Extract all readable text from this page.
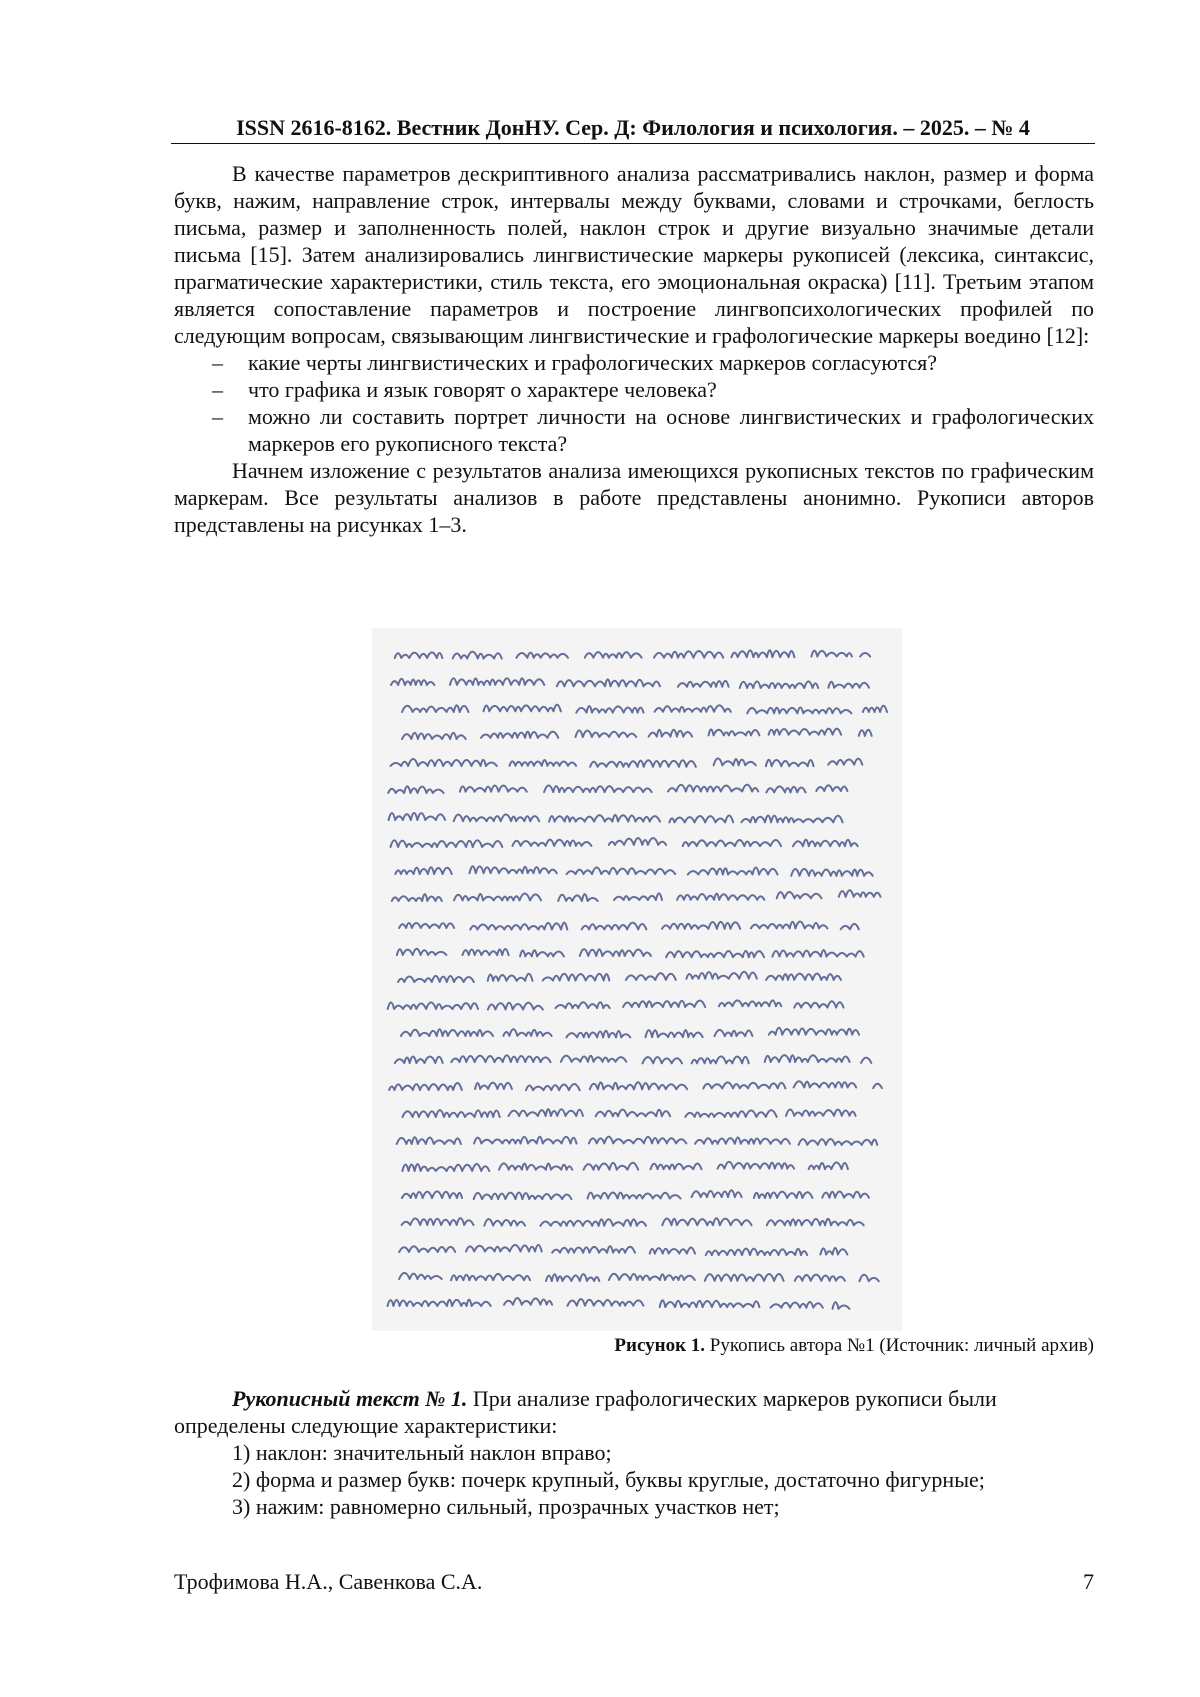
ISSN 2616-8162. Вестник ДонНУ. Сер. Д: Филология и психология. – 2025. – № 4

В качестве параметров дескриптивного анализа рассматривались наклон, размер и форма букв, нажим, направление строк, интервалы между буквами, словами и строчками, беглость письма, размер и заполненность полей, наклон строк и другие визуально значимые детали письма [15]. Затем анализировались лингвистические маркеры рукописей (лексика, синтаксис, прагматические характеристики, стиль текста, его эмоциональная окраска) [11]. Третьим этапом является сопоставление параметров и построение лингвопсихологических профилей по следующим вопросам, связывающим лингвистические и графологические маркеры воедино [12]:

– какие черты лингвистических и графологических маркеров согласуются?
– что графика и язык говорят о характере человека?
– можно ли составить портрет личности на основе лингвистических и графологических маркеров его рукописного текста?

Начнем изложение с результатов анализа имеющихся рукописных текстов по графическим маркерам. Все результаты анализов в работе представлены анонимно. Рукописи авторов представлены на рисунках 1–3.

Рисунок 1. Рукопись автора №1 (Источник: личный архив)

Рукописный текст № 1. При анализе графологических маркеров рукописи были определены следующие характеристики:

1) наклон: значительный наклон вправо;

2) форма и размер букв: почерк крупный, буквы круглые, достаточно фигурные;

3) нажим: равномерно сильный, прозрачных участков нет;

Трофимова Н.А., Савенкова С.А.	7
